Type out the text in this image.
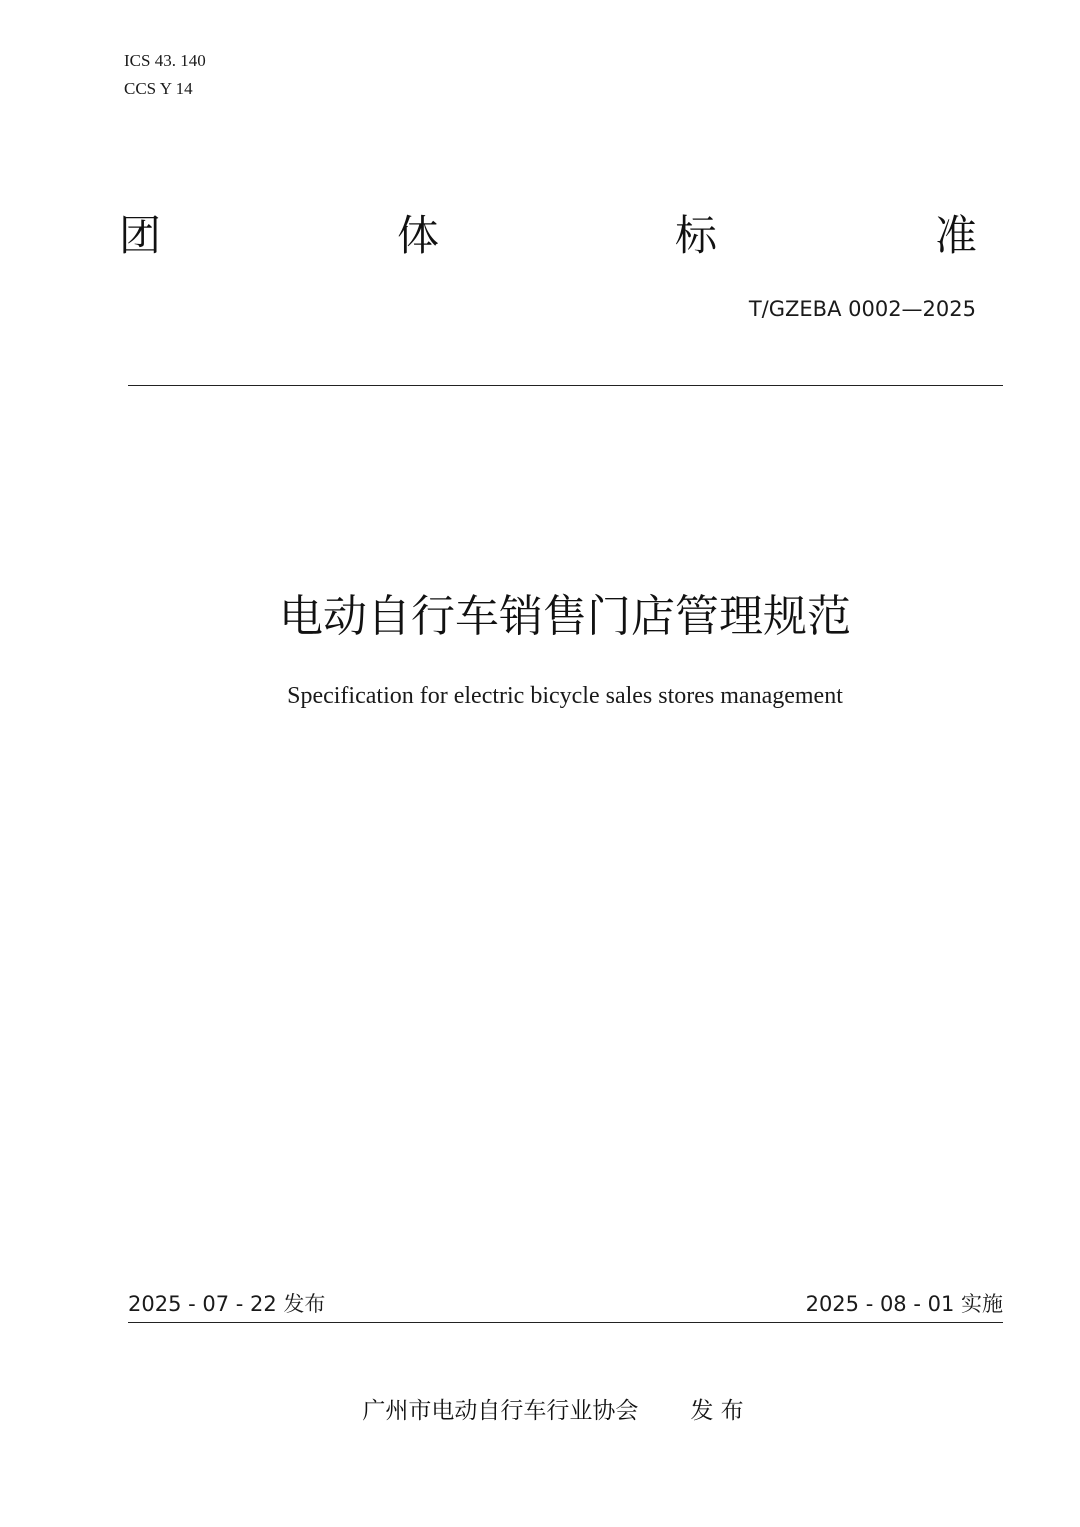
ICS 43. 140
CCS Y 14
团	体	标	准
T/GZEBA 0002—2025
电动自行车销售门店管理规范
Specification for electric bicycle sales stores management
2025 - 07 - 22 发布	2025 - 08 - 01 实施
广州市电动自行车行业协会 发 布
